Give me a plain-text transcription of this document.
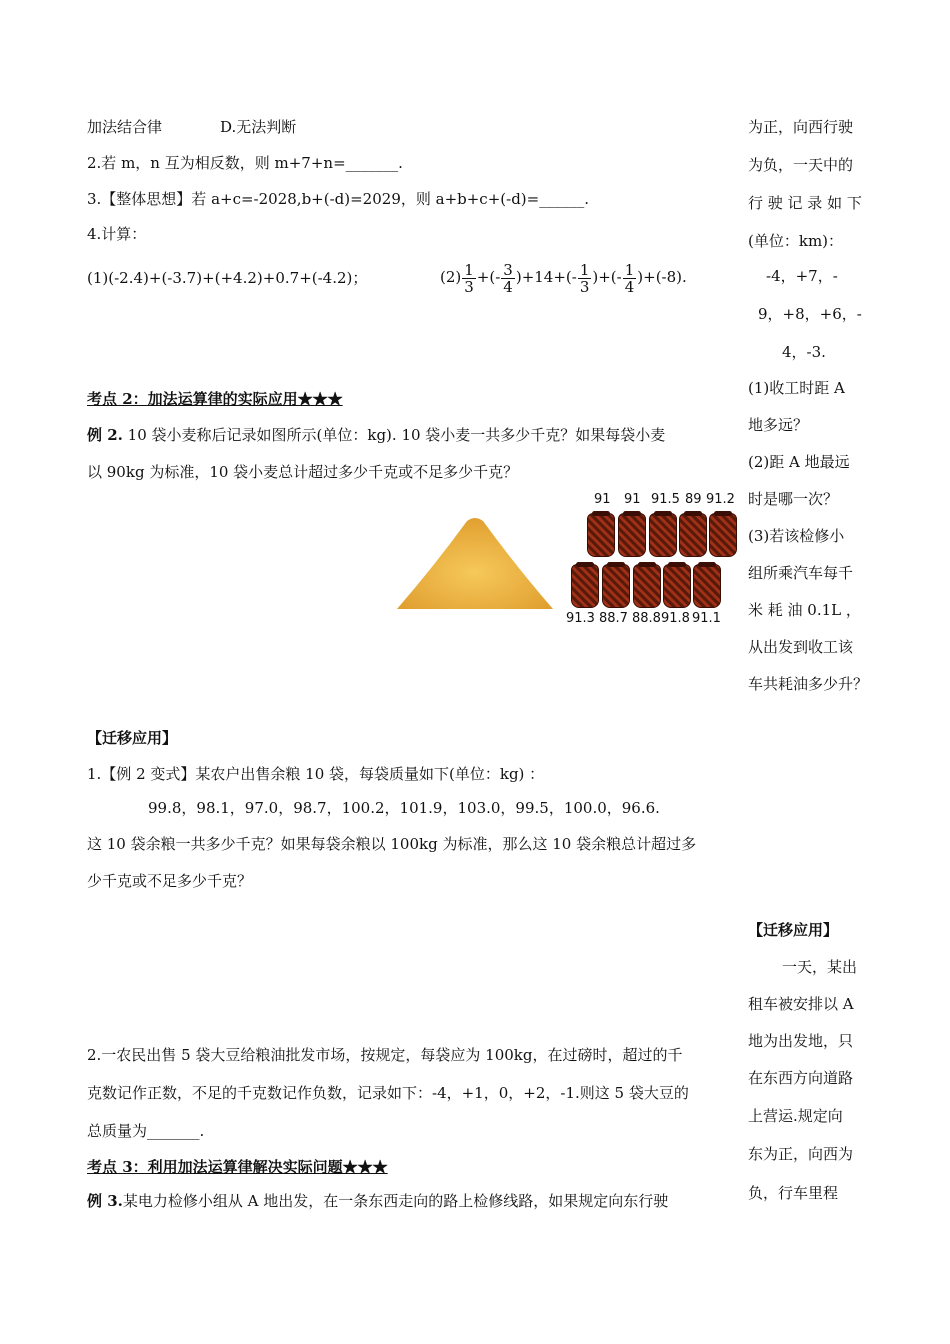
加法结合律	D.无法判断
2.若 m，n 互为相反数，则 m+7+n=_______.
3.【整体思想】若 a+c=-2028,b+(-d)=2029，则 a+b+c+(-d)=______.
4.计算：
(1)(-2.4)+(-3.7)+(+4.2)+0.7+(-4.2)；	$(2) \frac{1}{3}$ +(- $\frac{3}{4} )+14+(- \frac{1}{3}$ )+(- $\frac{1}{4} )+(-8)$.
考点 2：加法运算律的实际应用★★★
例 2. 10 袋小麦称后记录如图所示(单位：kg). 10 袋小麦一共多少千克？如果每袋小麦
以 90kg 为标准，10 袋小麦总计超过多少千克或不足多少千克？
91 91 91.5 89 91.2
91.3 88.7 88.8 91.8 91.1
【迁移应用】
1.【例 2 变式】某农户出售余粮 10 袋，每袋质量如下(单位：kg) ：
99.8，98.1，97.0，98.7，100.2，101.9，103.0，99.5，100.0，96.6.
这 10 袋余粮一共多少千克？如果每袋余粮以 100kg 为标准，那么这 10 袋余粮总计超过多
少千克或不足多少千克？
2.一农民出售 5 袋大豆给粮油批发市场，按规定，每袋应为 100kg，在过磅时，超过的千
克数记作正数，不足的千克数记作负数，记录如下：-4，+1，0，+2，-1.则这 5 袋大豆的
总质量为_______.
考点 3：利用加法运算律解决实际问题★★★
例 3.某电力检修小组从 A 地出发，在一条东西走向的路上检修线路，如果规定向东行驶
为正，向西行驶
为负，一天中的
行 驶 记 录 如 下
(单位：km)：
-4，+7，-
9，+8，+6，-
4，-3.
(1)收工时距 A
地多远？
(2)距 A 地最远
时是哪一次？
(3)若该检修小
组所乘汽车每千
米 耗 油 0.1L ，
从出发到收工该
车共耗油多少升？
【迁移应用】
一天，某出
租车被安排以 A
地为出发地，只
在东西方向道路
上营运.规定向
东为正，向西为
负，行车里程
